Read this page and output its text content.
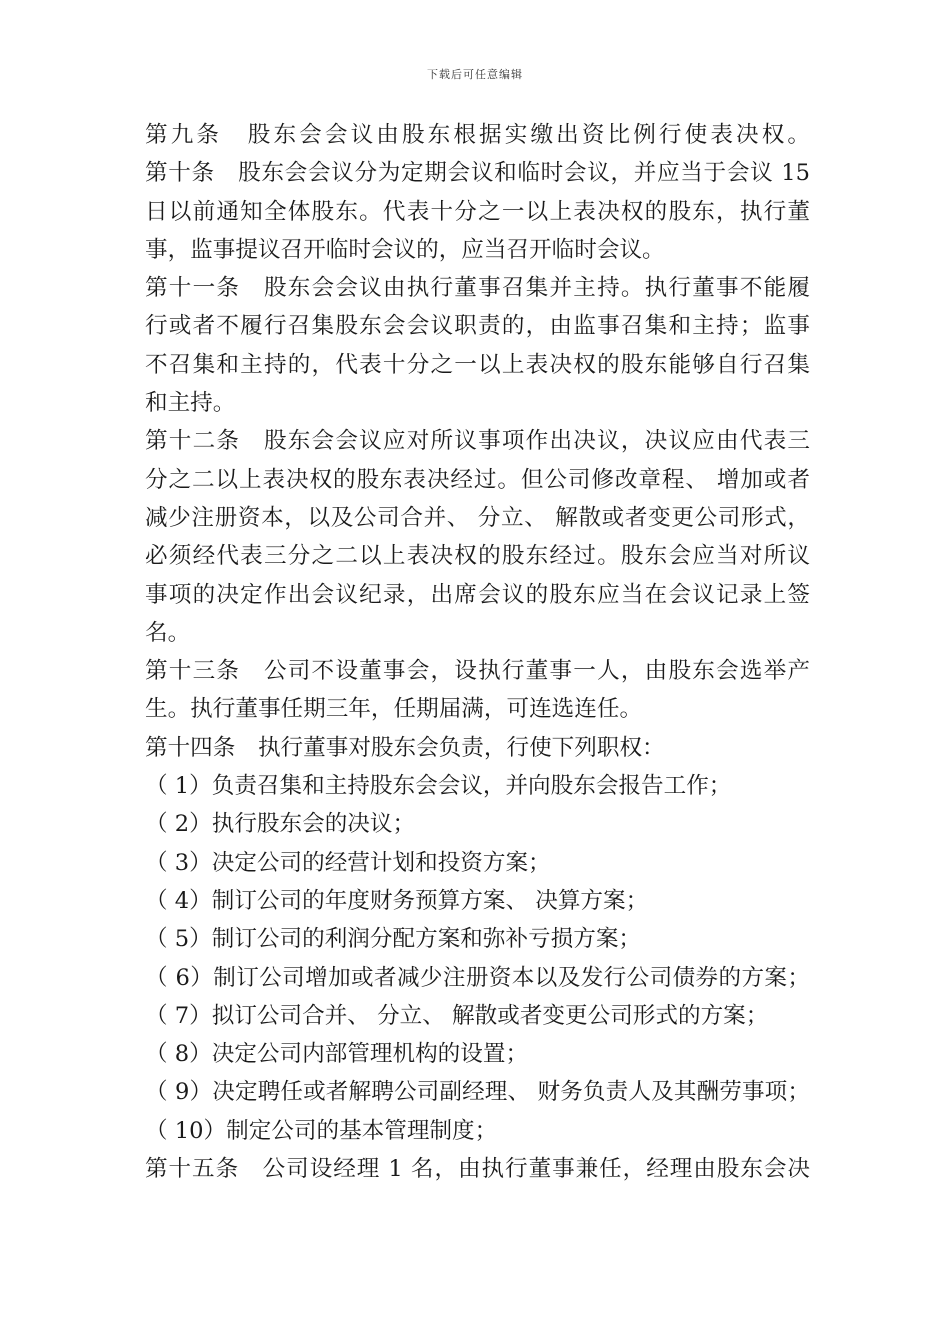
下载后可任意编辑
第九条　股东会会议由股东根据实缴出资比例行使表决权。
第十条　股东会会议分为定期会议和临时会议，并应当于会议 15
日以前通知全体股东。代表十分之一以上表决权的股东，执行董
事，监事提议召开临时会议的，应当召开临时会议。
第十一条　股东会会议由执行董事召集并主持。执行董事不能履
行或者不履行召集股东会会议职责的，由监事召集和主持；监事
不召集和主持的，代表十分之一以上表决权的股东能够自行召集
和主持。
第十二条　股东会会议应对所议事项作出决议，决议应由代表三
分之二以上表决权的股东表决经过。但公司修改章程、 增加或者
减少注册资本，以及公司合并、 分立、 解散或者变更公司形式，
必须经代表三分之二以上表决权的股东经过。股东会应当对所议
事项的决定作出会议纪录，出席会议的股东应当在会议记录上签
名。
第十三条　公司不设董事会，设执行董事一人，由股东会选举产
生。执行董事任期三年，任期届满，可连选连任。
第十四条　执行董事对股东会负责，行使下列职权：
（ 1）负责召集和主持股东会会议，并向股东会报告工作；
（ 2）执行股东会的决议；
（ 3）决定公司的经营计划和投资方案；
（ 4）制订公司的年度财务预算方案、 决算方案；
（ 5）制订公司的利润分配方案和弥补亏损方案；
（ 6）制订公司增加或者减少注册资本以及发行公司债券的方案；
（ 7）拟订公司合并、 分立、 解散或者变更公司形式的方案；
（ 8）决定公司内部管理机构的设置；
（ 9）决定聘任或者解聘公司副经理、 财务负责人及其酬劳事项；
（ 10）制定公司的基本管理制度；
第十五条　公司设经理 1 名，由执行董事兼任，经理由股东会决
